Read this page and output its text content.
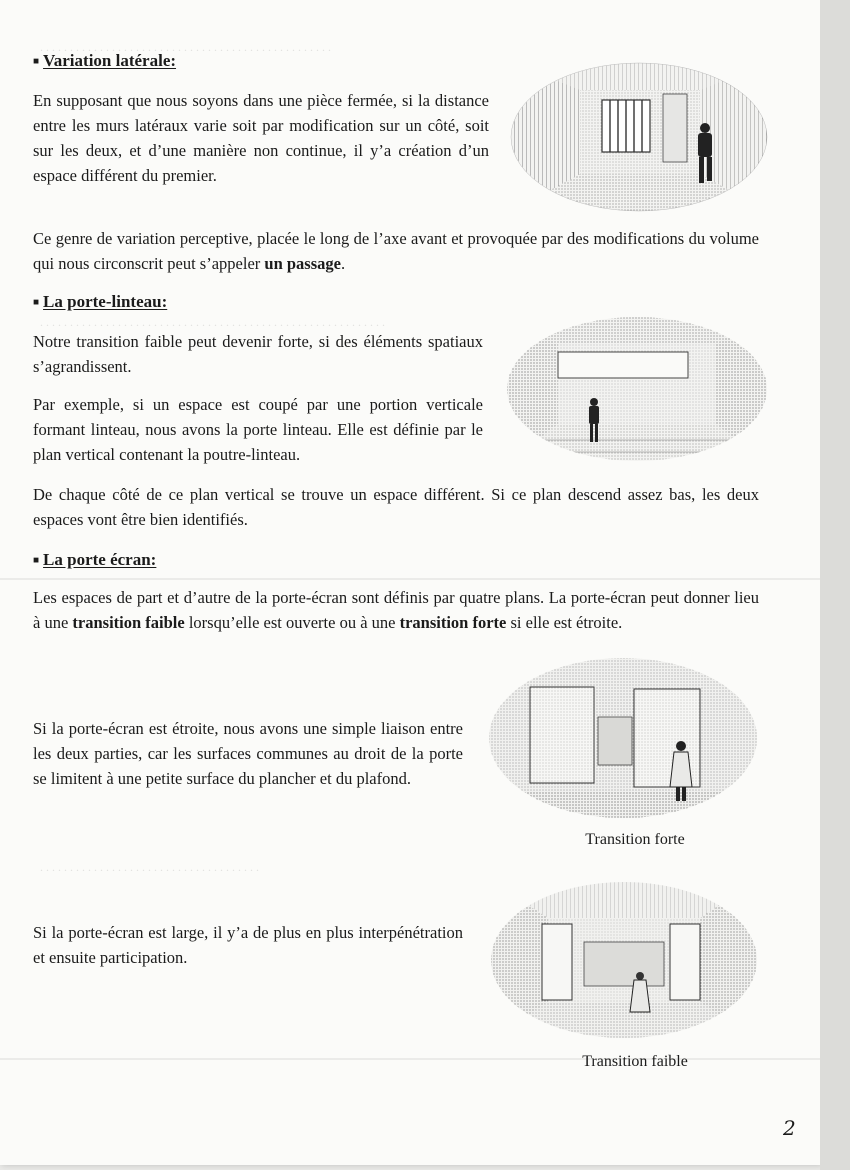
. . . . . . . . . . . . . . . . . . . . . . . . . . . . . . . . . . . . . . . . . . . . . . . . .
. . . . . . . . . . . . . . . . . . . . . . . . . . . . . . . . . . . . . . . . . . . . . . . . . . . . . . . . . .
. . . . . . . . . . . . . . . . . . . . . . . . . . . . . . . . . . . . .
■ Variation latérale:
En supposant que nous soyons dans une pièce fermée, si la distance entre les murs latéraux varie soit par modification sur un côté, soit sur les deux, et d’une manière non continue, il y’a création d’un espace différent du premier.
Ce genre de variation perceptive, placée le long de l’axe avant et provoquée par des modifications du volume qui nous circonscrit peut s’appeler un passage.
■ La porte-linteau:
Notre transition faible peut devenir forte, si des éléments spatiaux s’agrandissent.
Par exemple, si un espace est coupé par une portion verticale formant linteau, nous avons la porte linteau. Elle est définie par le plan vertical contenant la poutre-linteau.
De chaque côté de ce plan vertical se trouve un espace différent. Si ce plan descend assez bas, les deux espaces vont être bien identifiés.
■ La porte écran:
Les espaces de part et d’autre de la porte-écran sont définis par quatre plans. La porte-écran peut donner lieu à une transition faible lorsqu’elle est ouverte ou à une transition forte si elle est étroite.
Si la porte-écran est étroite, nous avons une simple liaison entre les deux parties, car les surfaces communes au droit de la porte se limitent à une petite surface du plancher et du plafond.
Transition forte
Si la porte-écran est large, il y’a de plus en plus interpénétration et ensuite participation.
Transition faible
2
